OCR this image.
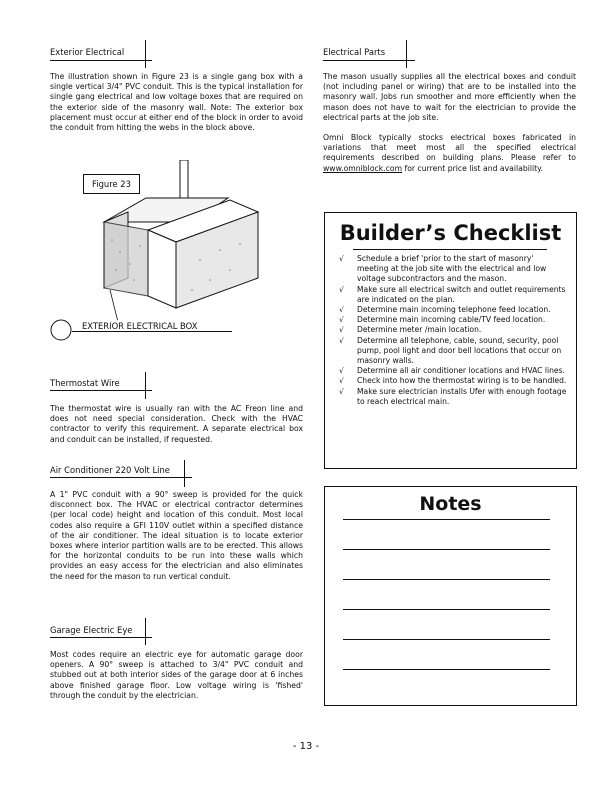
Exterior Electrical

The illustration shown in Figure 23 is a single gang box with a single vertical 3/4" PVC conduit. This is the typical installation for single gang electrical and low voltage boxes that are required on the exterior side of the masonry wall. Note: The exterior box placement must occur at either end of the block in order to avoid the conduit from hitting the webs in the block above.

Figure 23
EXTERIOR ELECTRICAL BOX
Thermostat Wire

The thermostat wire is usually ran with the AC Freon line and does not need special consideration. Check with the HVAC contractor to verify this requirement. A separate electrical box and conduit can be installed, if requested.

Air Conditioner 220 Volt Line

A 1" PVC conduit with a 90° sweep is provided for the quick disconnect box. The HVAC or electrical contractor determines (per local code) height and location of this conduit. Most local codes also require a GFI 110V outlet within a specified distance of the air conditioner. The ideal situation is to locate exterior boxes where interior partition walls are to be erected. This allows for the horizontal conduits to be run into these walls which provides an easy access for the electrician and also eliminates the need for the mason to run vertical conduit.

Garage Electric Eye

Most codes require an electric eye for automatic garage door openers. A 90° sweep is attached to 3/4" PVC conduit and stubbed out at both interior sides of the garage door at 6 inches above finished garage floor. Low voltage wiring is 'fished' through the conduit by the electrician.

Electrical Parts

The mason usually supplies all the electrical boxes and conduit (not including panel or wiring) that are to be installed into the masonry wall. Jobs run smoother and more efficiently when the mason does not have to wait for the electrician to provide the electrical parts at the job site.

Omni Block typically stocks electrical boxes fabricated in variations that meet most all the specified electrical requirements described on building plans. Please refer to www.omniblock.com for current price list and availability.

Builder’s Checklist
√ Schedule a brief 'prior to the start of masonry' meeting at the job site with the electrical and low voltage subcontractors and the mason.
√ Make sure all electrical switch and outlet requirements are indicated on the plan.
√ Determine main incoming telephone feed location.
√ Determine main incoming cable/TV feed location.
√ Determine meter /main location.
√ Determine all telephone, cable, sound, security, pool pump, pool light and door bell locations that occur on masonry walls.
√ Determine all air conditioner locations and HVAC lines.
√ Check into how the thermostat wiring is to be handled.
√ Make sure electrician installs Ufer with enough footage to reach electrical main.
Notes
- 13 -
